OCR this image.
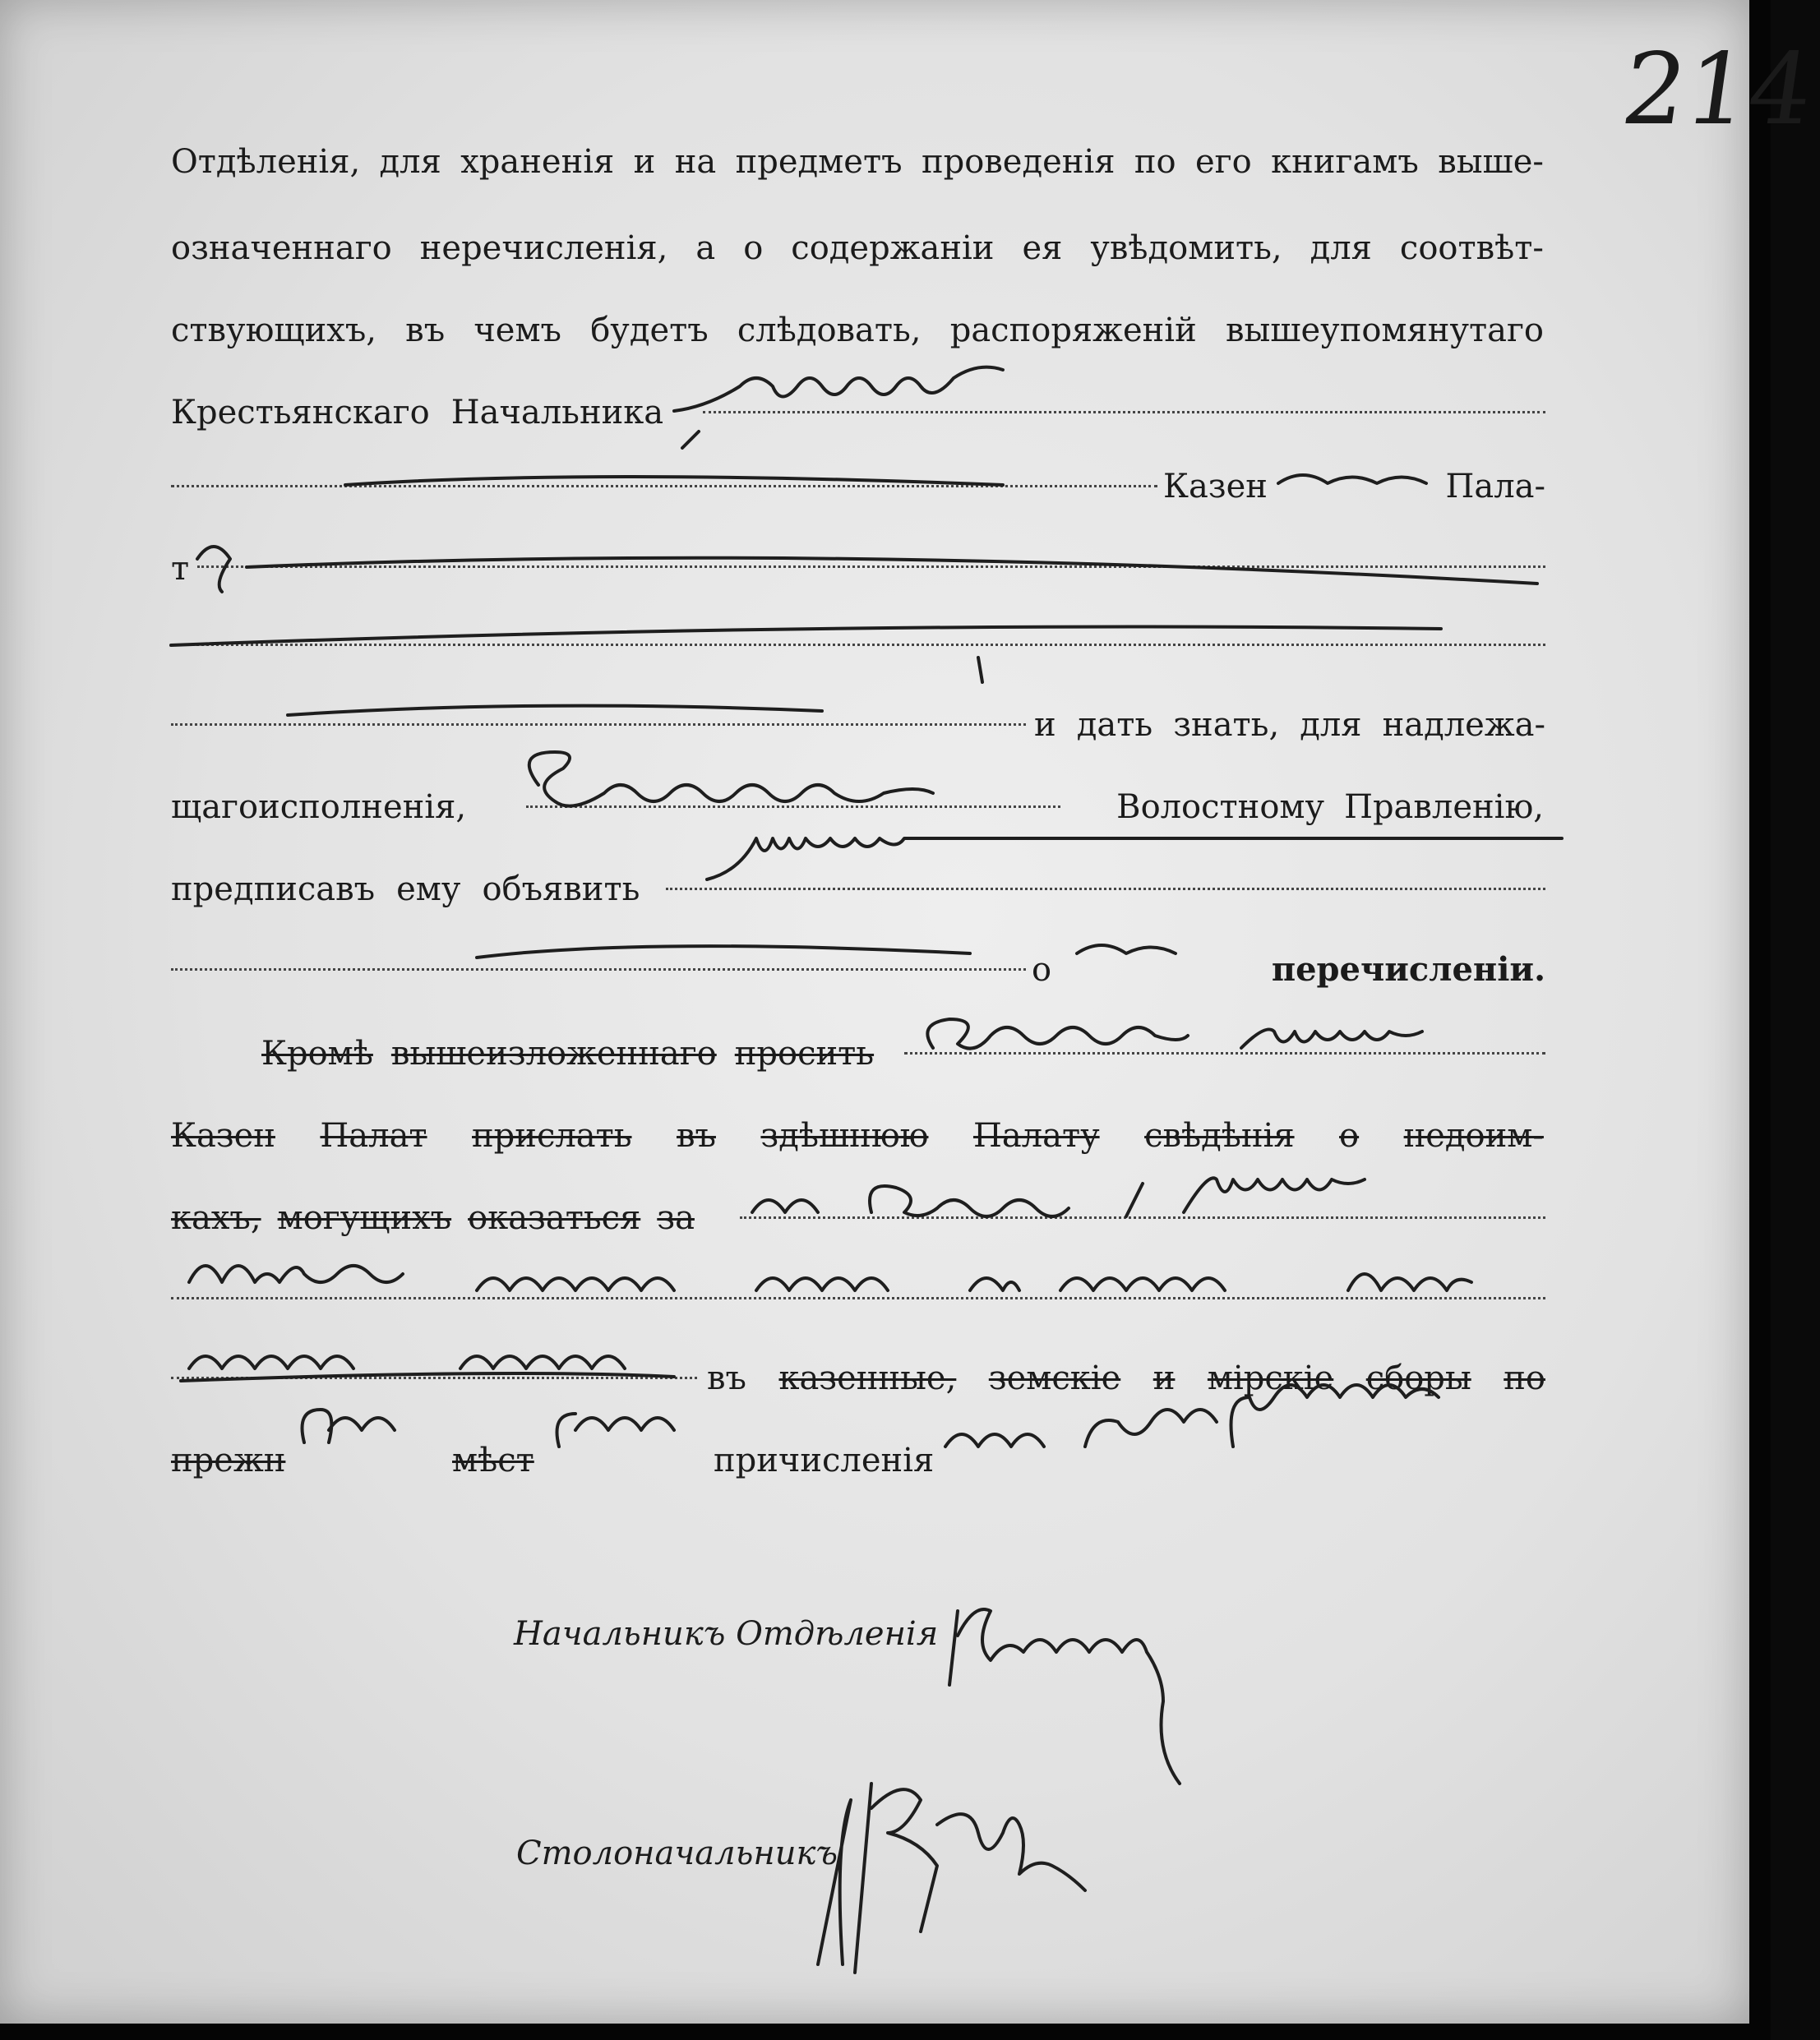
214
Отдѣленія, для храненія и на предметъ проведенія по его книгамъ выше-
означеннаго неречисленія, а о содержаніи ея увѣдомить, для соотвѣт-
ствующихъ, въ чемъ будетъ слѣдовать, распоряженій вышеупомянутаго
Крестьянскаго Начальника
Казен	Пала-
т
и дать знать, для надлежа-
щаго исполненія,	Волостному Правленію,
предписавъ ему объявить
о	перечисленіи.
Кромѣ вышеизложеннаго просить
Казен Палат прислать въ здѣшнюю Палату свѣдѣнія о недоим-
кахъ, могущихъ оказаться за
въ казенные, земскіе и мірскіе сборы по
прежн	мѣст	причисленія
Начальникъ Отдѣленія
Столоначальникъ
